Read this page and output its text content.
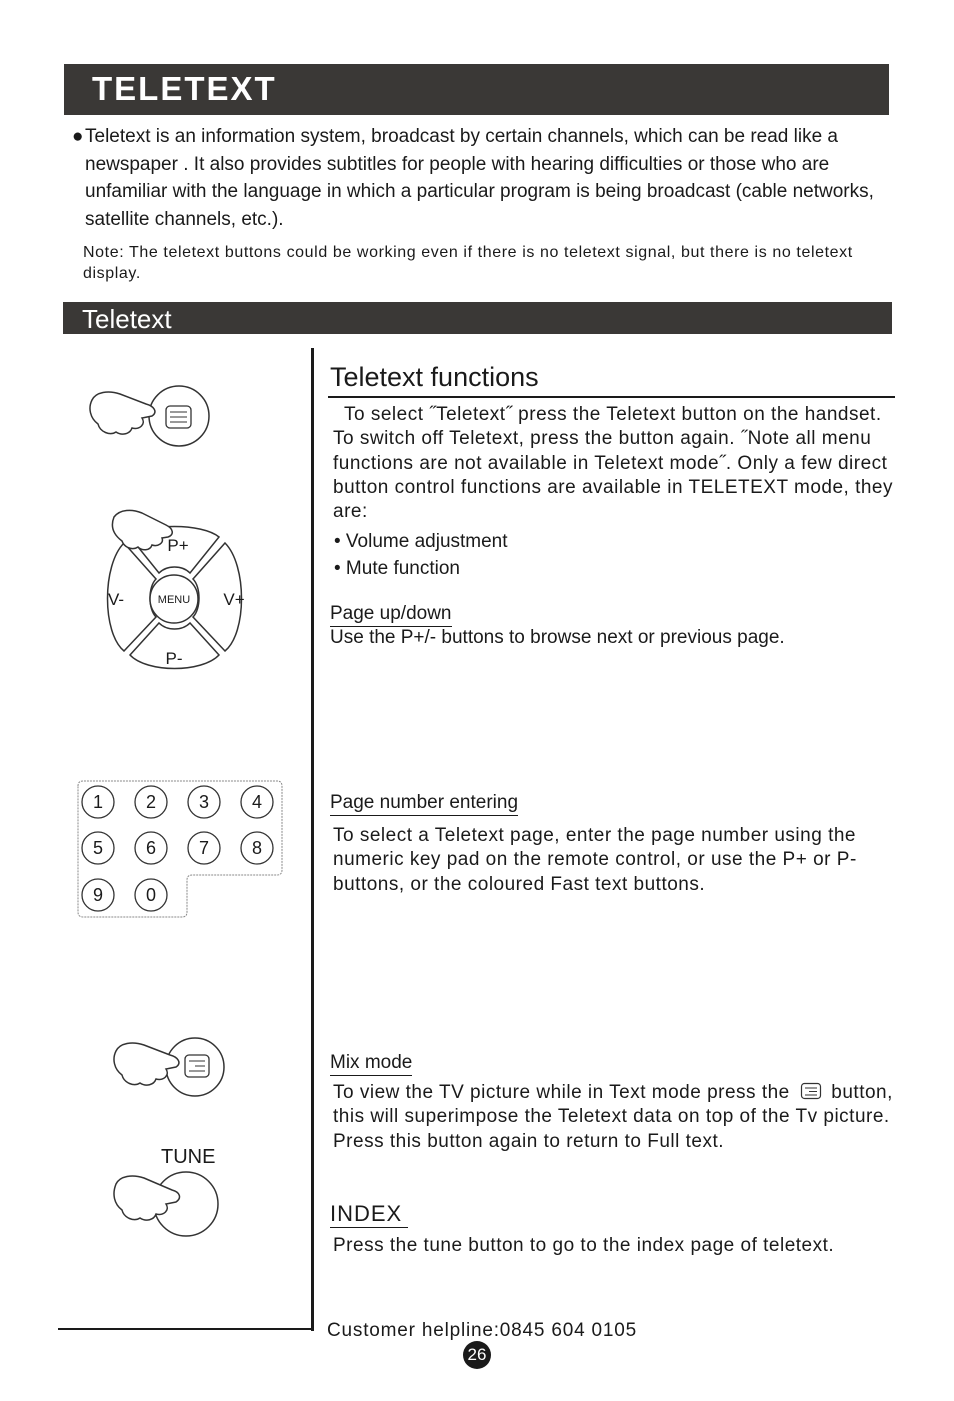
TELETEXT
● Teletext is an information system, broadcast by certain channels, which can be read like a newspaper . It also provides subtitles for people with hearing difficulties or those who are unfamiliar with the language in which a particular program is being broadcast (cable networks, satellite channels, etc.).
Note: The teletext buttons could be working even if there is no teletext signal, but there is no teletext display.
Teletext
P+
P-
V-	V+
MENU
1 2 3 4
5 6 7 8
9 0
TUNE
Teletext functions
To select ˝Teletext˝ press the Teletext button on the handset. To switch off Teletext, press the button again. ˝Note all menu functions are not available in Teletext mode˝. Only a few direct button control functions are available in TELETEXT mode, they are:
• Volume adjustment
• Mute function
Page up/down
Use the P+/- buttons to browse next or previous page.
Page number entering
To select a Teletext page, enter the page number using the numeric key pad on the remote control, or use the P+ or P- buttons, or the coloured Fast text buttons.
Mix mode
To view the TV picture while in Text mode press the button, this will superimpose the Teletext data on top of the Tv picture. Press this button again to return to Full text.
INDEX
Press the tune button to go to the index page of teletext.
Customer helpline:0845 604 0105
26
